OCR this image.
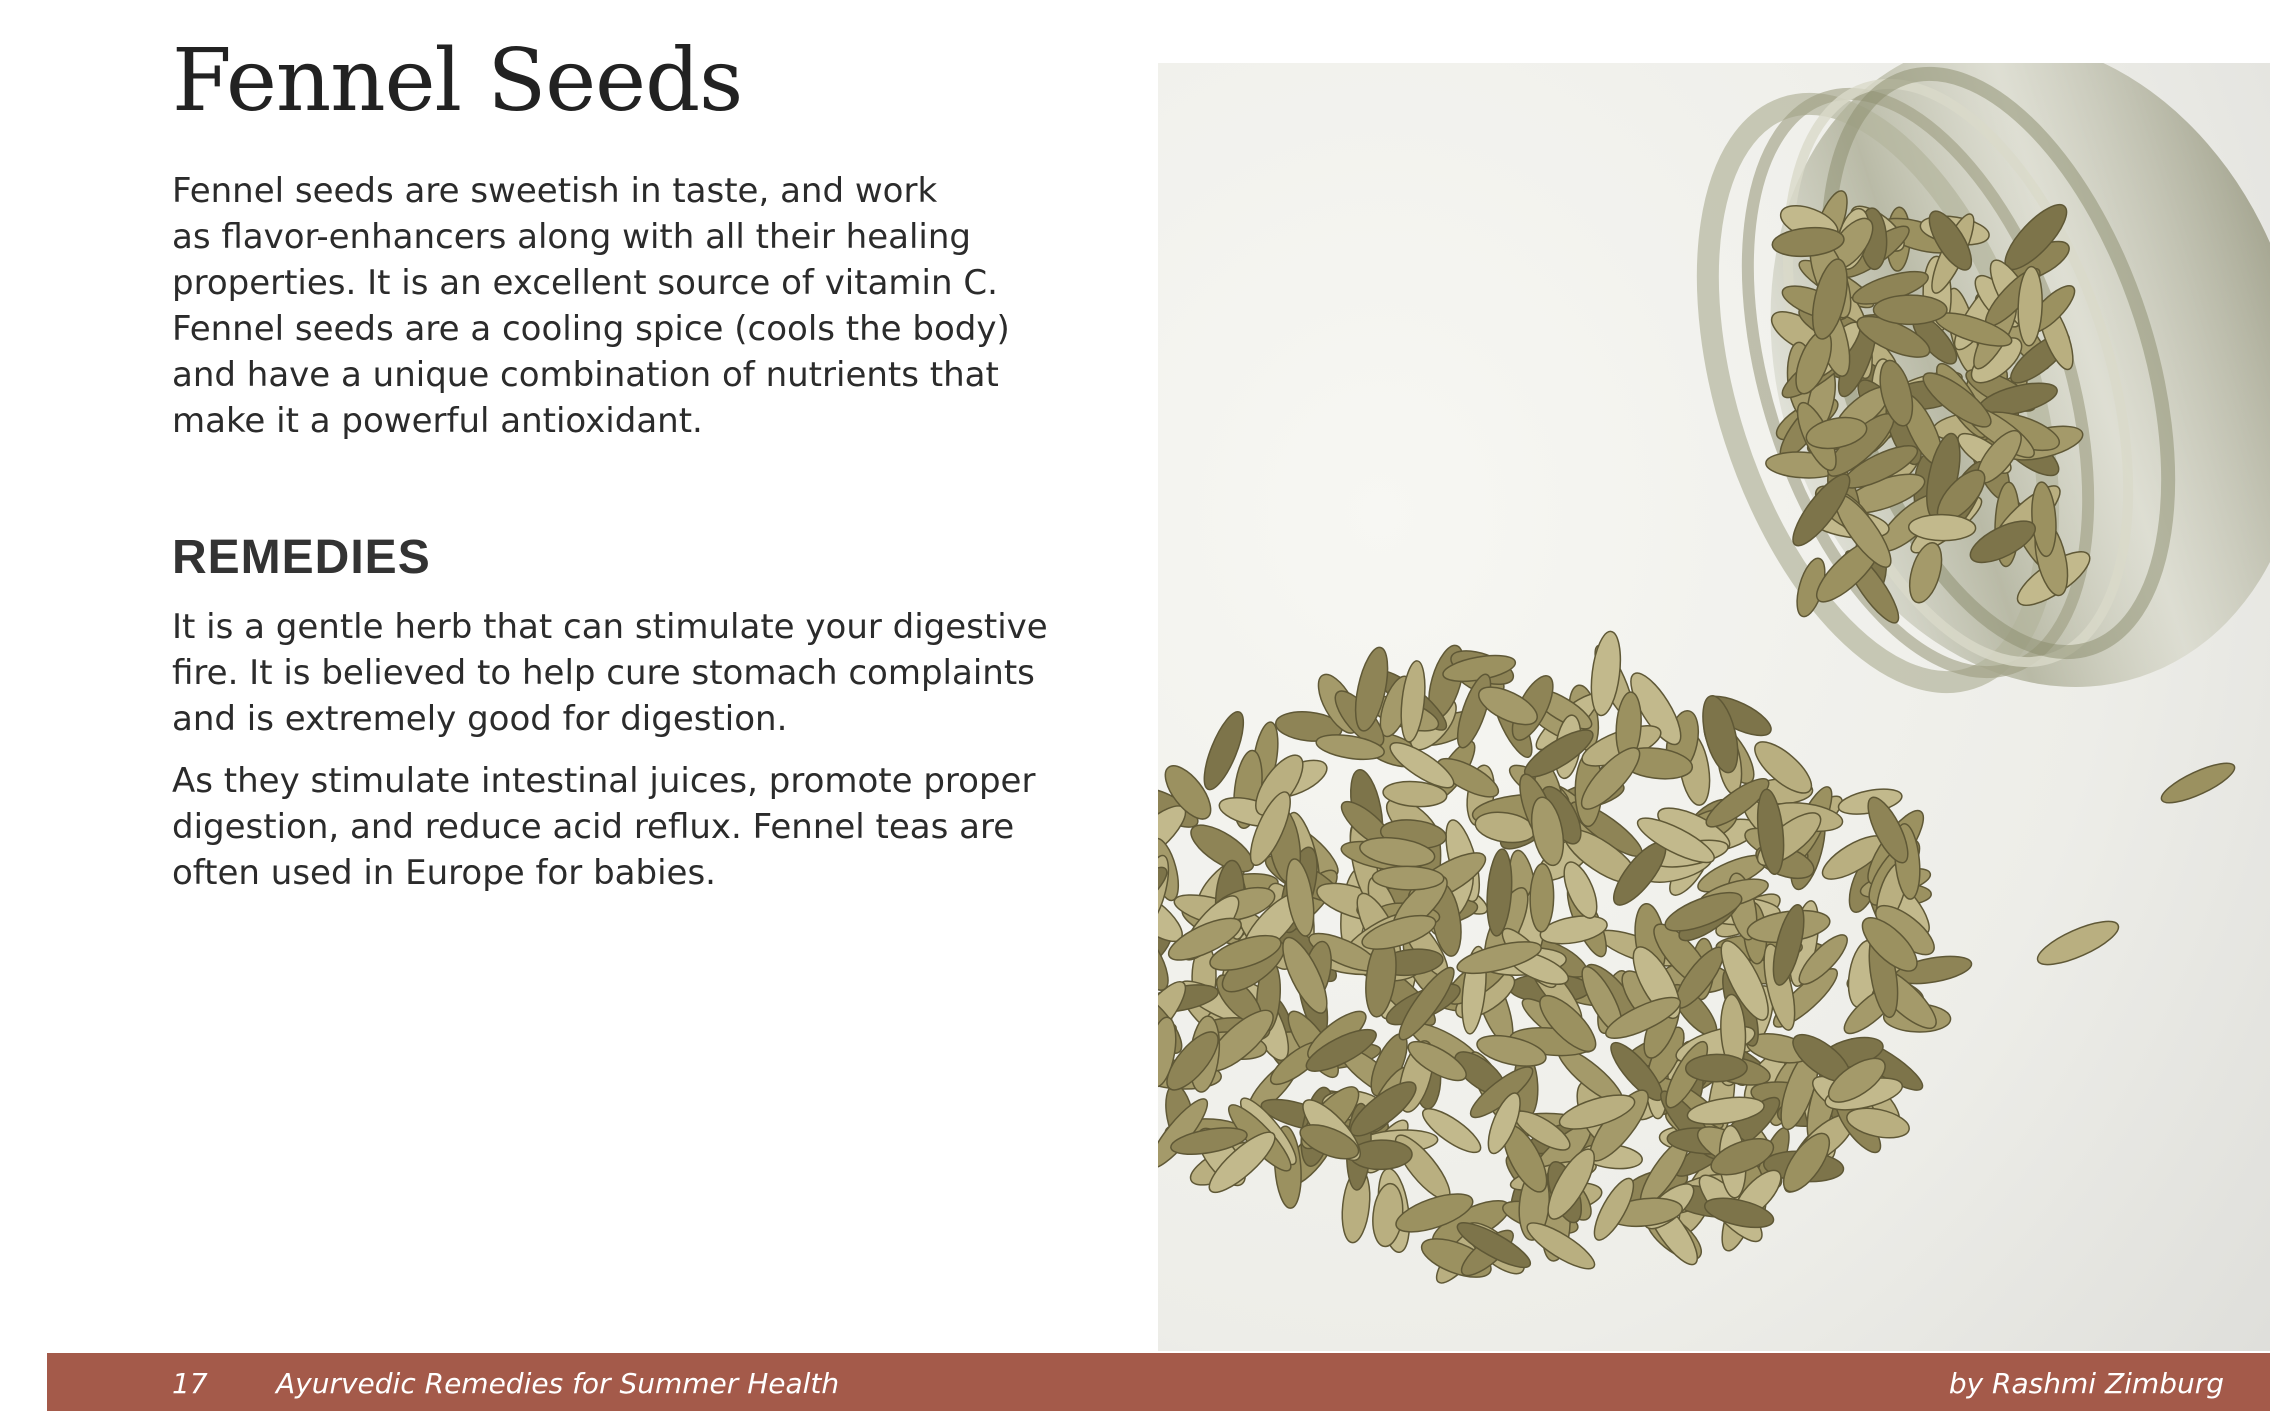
Fennel Seeds
Fennel seeds are sweetish in taste, and work
as flavor-enhancers along with all their healing
properties. It is an excellent source of vitamin C.
Fennel seeds are a cooling spice (cools the body)
and have a unique combination of nutrients that
make it a powerful antioxidant.
REMEDIES
It is a gentle herb that can stimulate your digestive
fire. It is believed to help cure stomach complaints
and is extremely good for digestion.
As they stimulate intestinal juices, promote proper
digestion, and reduce acid reflux. Fennel teas are
often used in Europe for babies.
17 Ayurvedic Remedies for Summer Health	by Rashmi Zimburg
